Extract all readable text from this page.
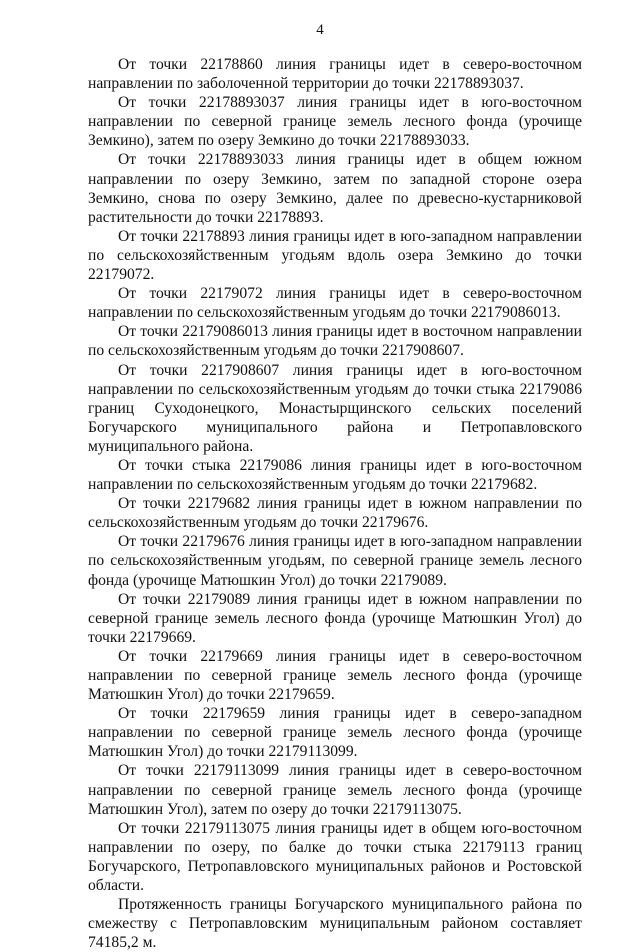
4

От точки 22178860 линия границы идет в северо-восточном направлении по заболоченной территории до точки 22178893037.

От точки 22178893037 линия границы идет в юго-восточном направлении по северной границе земель лесного фонда (урочище Земкино), затем по озеру Земкино до точки 22178893033.

От точки 22178893033 линия границы идет в общем южном направлении по озеру Земкино, затем по западной стороне озера Земкино, снова по озеру Земкино, далее по древесно-кустарниковой растительности до точки 22178893.

От точки 22178893 линия границы идет в юго-западном направлении по сельскохозяйственным угодьям вдоль озера Земкино до точки 22179072.

От точки 22179072 линия границы идет в северо-восточном направлении по сельскохозяйственным угодьям до точки 22179086013.

От точки 22179086013 линия границы идет в восточном направлении по сельскохозяйственным угодьям до точки 2217908607.

От точки 2217908607 линия границы идет в юго-восточном направлении по сельскохозяйственным угодьям до точки стыка 22179086 границ Суходонецкого, Монастырщинского сельских поселений Богучарского муниципального района и Петропавловского муниципального района.

От точки стыка 22179086 линия границы идет в юго-восточном направлении по сельскохозяйственным угодьям до точки 22179682.

От точки 22179682 линия границы идет в южном направлении по сельскохозяйственным угодьям до точки 22179676.

От точки 22179676 линия границы идет в юго-западном направлении по сельскохозяйственным угодьям, по северной границе земель лесного фонда (урочище Матюшкин Угол) до точки 22179089.

От точки 22179089 линия границы идет в южном направлении по северной границе земель лесного фонда (урочище Матюшкин Угол) до точки 22179669.

От точки 22179669 линия границы идет в северо-восточном направлении по северной границе земель лесного фонда (урочище Матюшкин Угол) до точки 22179659.

От точки 22179659 линия границы идет в северо-западном направлении по северной границе земель лесного фонда (урочище Матюшкин Угол) до точки 22179113099.

От точки 22179113099 линия границы идет в северо-восточном направлении по северной границе земель лесного фонда (урочище Матюшкин Угол), затем по озеру до точки 22179113075.

От точки 22179113075 линия границы идет в общем юго-восточном направлении по озеру, по балке до точки стыка 22179113 границ Богучарского, Петропавловского муниципальных районов и Ростовской области.

Протяженность границы Богучарского муниципального района по смежеству с Петропавловским муниципальным районом составляет 74185,2 м.
